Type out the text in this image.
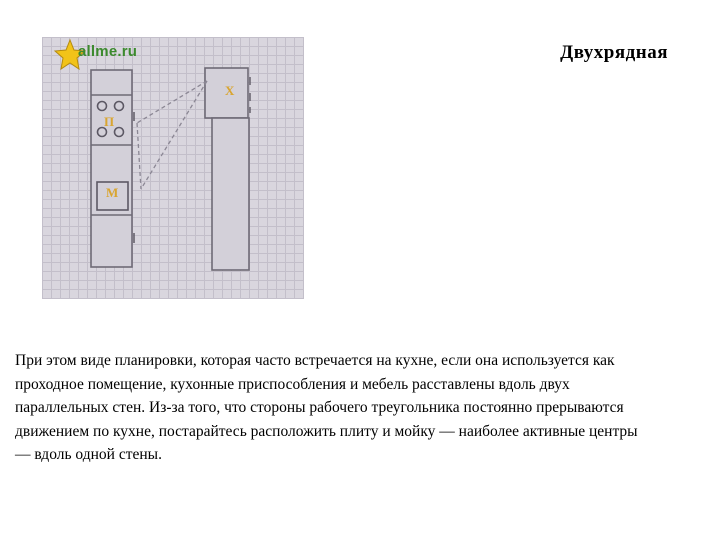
Двухрядная
allme.ru
Х
П
М
При этом виде планировки, которая часто встречается на кухне, если она используется как проходное помещение, кухонные приспособления и мебель расставлены вдоль двух параллельных стен. Из-за того, что стороны рабочего треугольника постоянно прерываются движением по кухне, постарайтесь расположить плиту и мойку — наиболее активные центры — вдоль одной стены.
